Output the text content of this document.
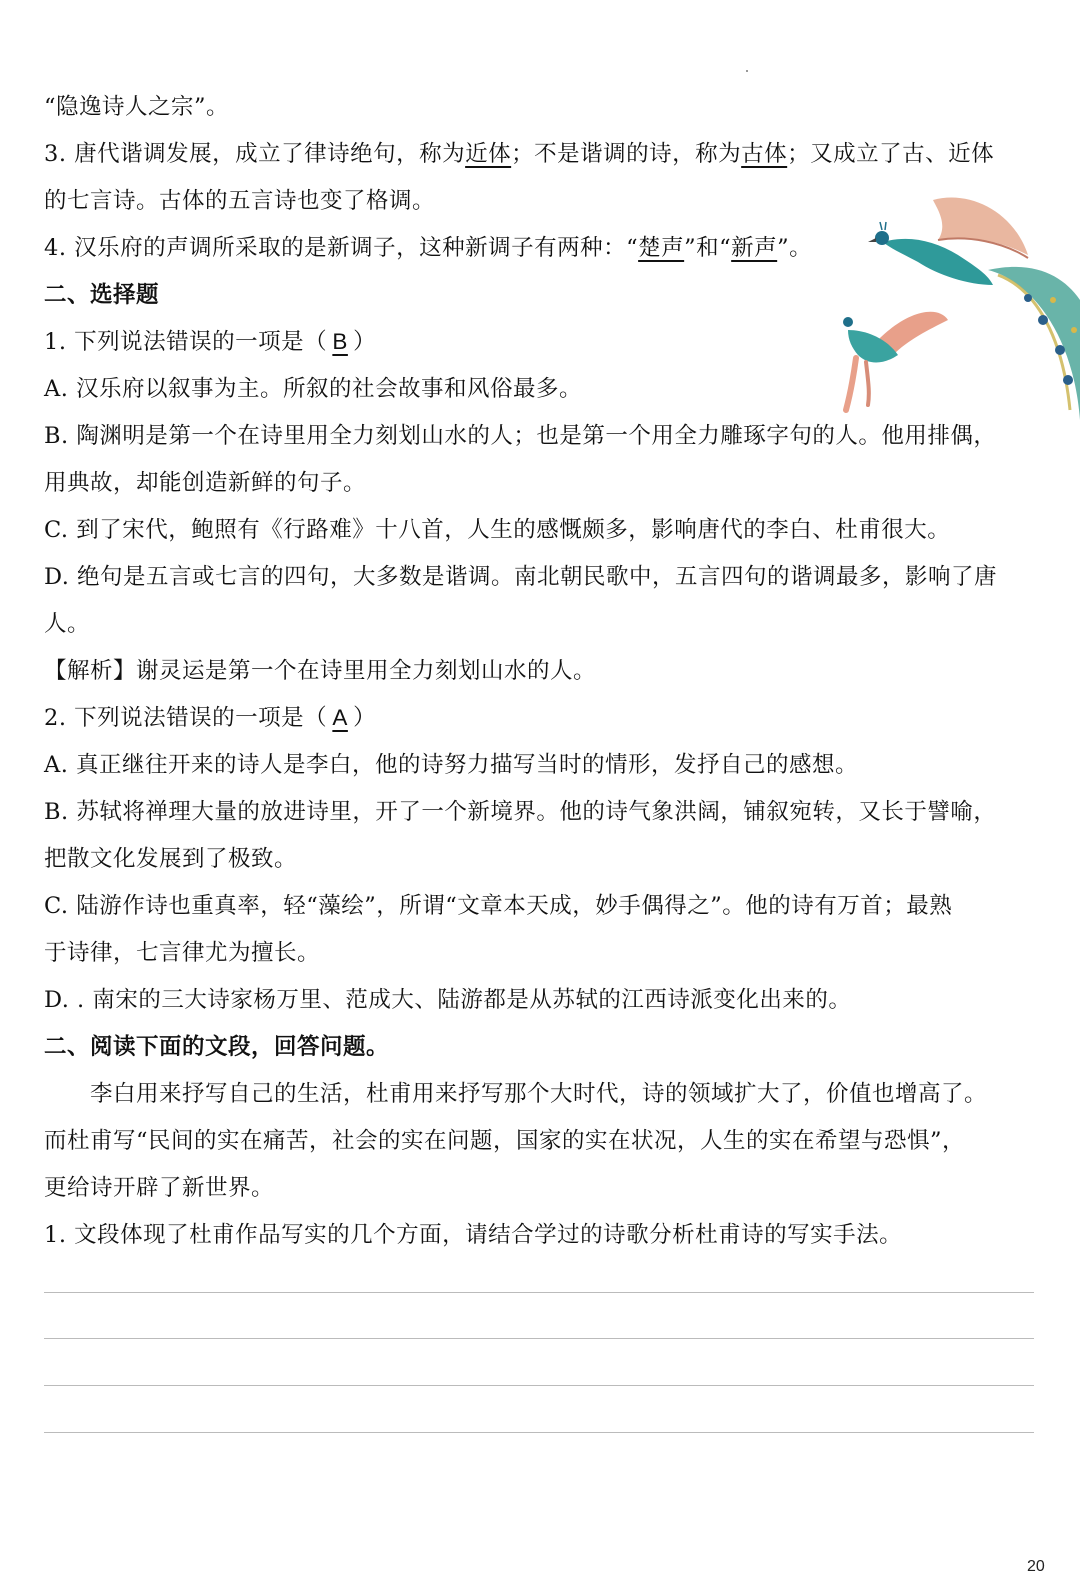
“隐逸诗人之宗”。
3. 唐代谐调发展，成立了律诗绝句，称为近体；不是谐调的诗，称为古体；又成立了古、近体
的七言诗。古体的五言诗也变了格调。
4. 汉乐府的声调所采取的是新调子，这种新调子有两种：“楚声”和“新声”。
二、选择题
1. 下列说法错误的一项是（ B ）
A. 汉乐府以叙事为主。所叙的社会故事和风俗最多。
B. 陶渊明是第一个在诗里用全力刻划山水的人；也是第一个用全力雕琢字句的人。他用排偶，
用典故，却能创造新鲜的句子。
C. 到了宋代，鲍照有《行路难》十八首，人生的感慨颇多，影响唐代的李白、杜甫很大。
D. 绝句是五言或七言的四句，大多数是谐调。南北朝民歌中，五言四句的谐调最多，影响了唐
人。
【解析】谢灵运是第一个在诗里用全力刻划山水的人。
2. 下列说法错误的一项是（ A ）
A. 真正继往开来的诗人是李白，他的诗努力描写当时的情形，发抒自己的感想。
B. 苏轼将禅理大量的放进诗里，开了一个新境界。他的诗气象洪阔，铺叙宛转，又长于譬喻，
把散文化发展到了极致。
C. 陆游作诗也重真率，轻“藻绘”，所谓“文章本天成，妙手偶得之”。他的诗有万首；最熟
于诗律，七言律尤为擅长。
D. . 南宋的三大诗家杨万里、范成大、陆游都是从苏轼的江西诗派变化出来的。
二、阅读下面的文段，回答问题。
李白用来抒写自己的生活，杜甫用来抒写那个大时代，诗的领域扩大了，价值也增高了。
而杜甫写“民间的实在痛苦，社会的实在问题，国家的实在状况，人生的实在希望与恐惧”，
更给诗开辟了新世界。
1. 文段体现了杜甫作品写实的几个方面，请结合学过的诗歌分析杜甫诗的写实手法。
20
